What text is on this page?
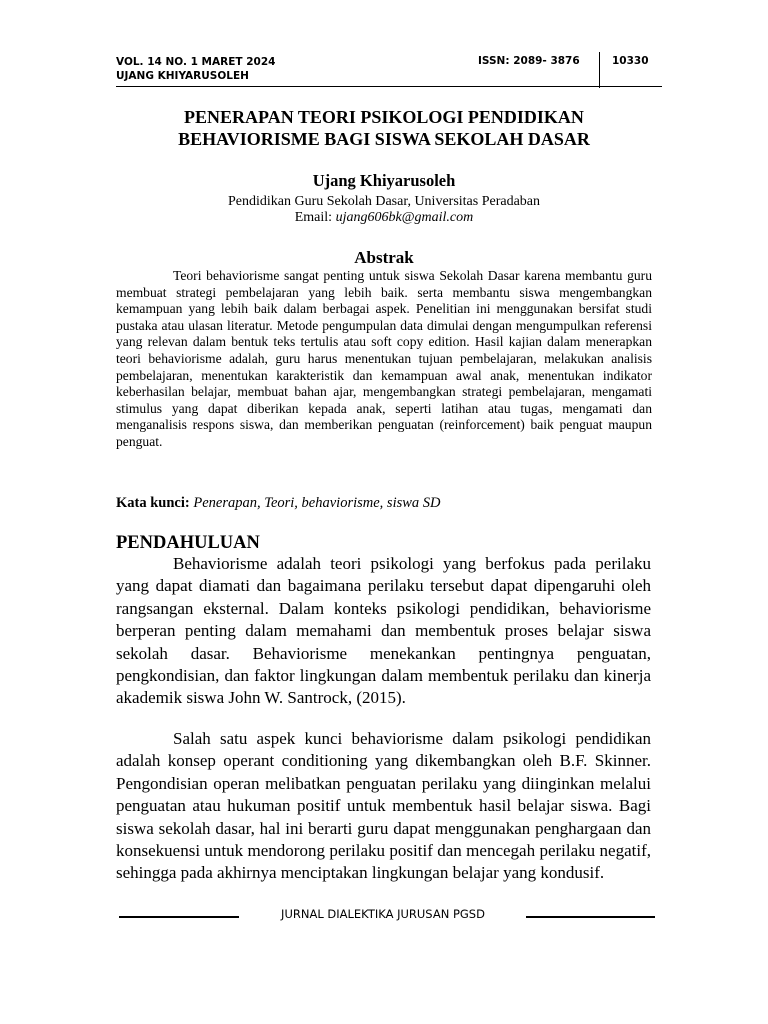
VOL. 14 NO. 1 MARET 2024
UJANG KHIYARUSOLEH
ISSN: 2089- 3876	10330
PENERAPAN TEORI PSIKOLOGI PENDIDIKAN
BEHAVIORISME BAGI SISWA SEKOLAH DASAR
Ujang Khiyarusoleh
Pendidikan Guru Sekolah Dasar, Universitas Peradaban
Email: ujang606bk@gmail.com
Abstrak

Teori behaviorisme sangat penting untuk siswa Sekolah Dasar karena membantu guru membuat strategi pembelajaran yang lebih baik. serta membantu siswa mengembangkan kemampuan yang lebih baik dalam berbagai aspek. Penelitian ini menggunakan bersifat studi pustaka atau ulasan literatur. Metode pengumpulan data dimulai dengan mengumpulkan referensi yang relevan dalam bentuk teks tertulis atau soft copy edition. Hasil kajian dalam menerapkan teori behaviorisme adalah, guru harus menentukan tujuan pembelajaran, melakukan analisis pembelajaran, menentukan karakteristik dan kemampuan awal anak, menentukan indikator keberhasilan belajar, membuat bahan ajar, mengembangkan strategi pembelajaran, mengamati stimulus yang dapat diberikan kepada anak, seperti latihan atau tugas, mengamati dan menganalisis respons siswa, dan memberikan penguatan (reinforcement) baik penguat maupun penguat.

Kata kunci: Penerapan, Teori, behaviorisme, siswa SD
PENDAHULUAN

Behaviorisme adalah teori psikologi yang berfokus pada perilaku yang dapat diamati dan bagaimana perilaku tersebut dapat dipengaruhi oleh rangsangan eksternal. Dalam konteks psikologi pendidikan, behaviorisme berperan penting dalam memahami dan membentuk proses belajar siswa sekolah dasar. Behaviorisme menekankan pentingnya penguatan, pengkondisian, dan faktor lingkungan dalam membentuk perilaku dan kinerja akademik siswa John W. Santrock, (2015).

Salah satu aspek kunci behaviorisme dalam psikologi pendidikan adalah konsep operant conditioning yang dikembangkan oleh B.F. Skinner. Pengondisian operan melibatkan penguatan perilaku yang diinginkan melalui penguatan atau hukuman positif untuk membentuk hasil belajar siswa. Bagi siswa sekolah dasar, hal ini berarti guru dapat menggunakan penghargaan dan konsekuensi untuk mendorong perilaku positif dan mencegah perilaku negatif, sehingga pada akhirnya menciptakan lingkungan belajar yang kondusif.

JURNAL DIALEKTIKA JURUSAN PGSD
